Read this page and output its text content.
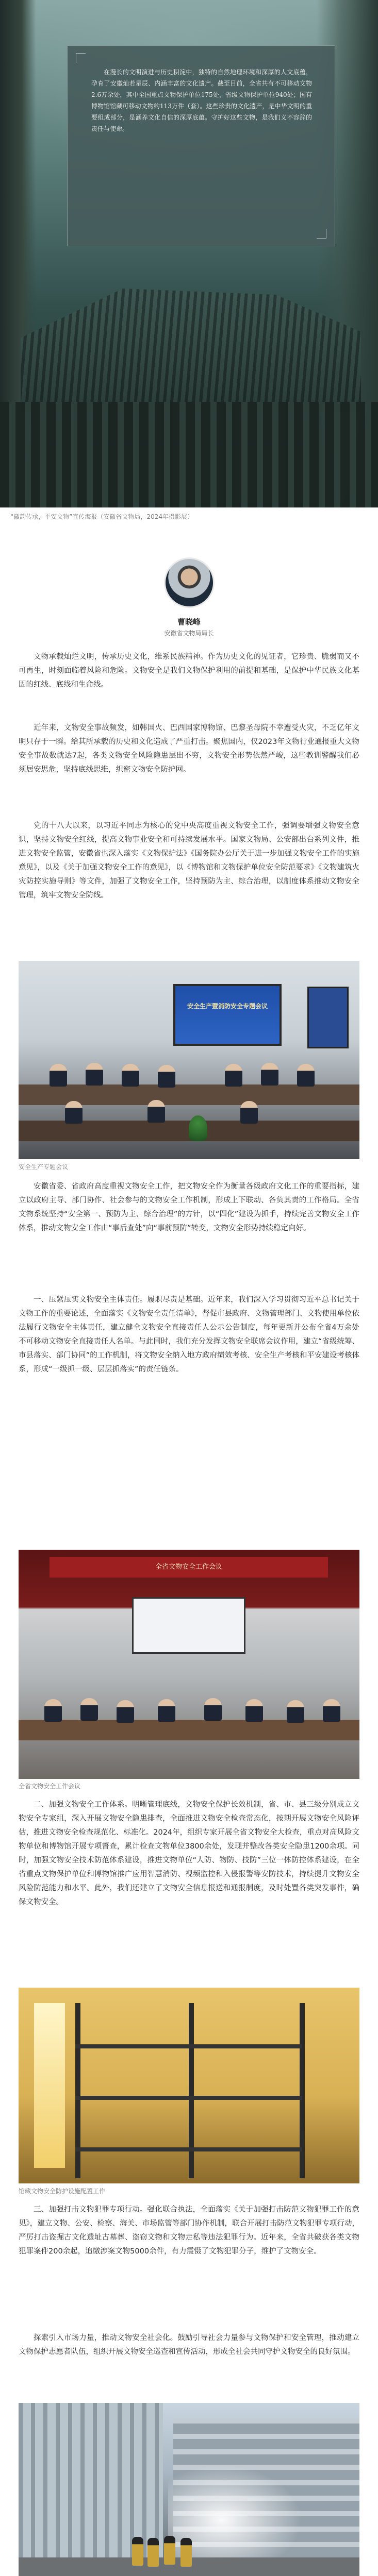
在漫长的文明演进与历史积淀中，独特的自然地理环境和深厚的人文底蕴，孕育了安徽灿若星辰、内涵丰富的文化遗产。截至目前，全省共有不可移动文物2.6万余处，其中全国重点文物保护单位175处，省级文物保护单位940处；国有博物馆馆藏可移动文物约113万件（套）。这些珍贵的文化遗产，是中华文明的重要组成部分，是涵养文化自信的深厚底蕴。守护好这些文物，是我们义不容辞的责任与使命。

“徽韵传承，平安文物”宣传海报（安徽省文物局，2024年摄影展）

曹晓峰

安徽省文物局局长

文物承载灿烂文明，传承历史文化，维系民族精神。作为历史文化的见证者，它珍贵、脆弱而又不可再生，时刻面临着风险和危险。文物安全是我们文物保护利用的前提和基础，是保护中华民族文化基因的红线、底线和生命线。

近年来，文物安全事故频发，如韩国火、巴西国家博物馆、巴黎圣母院不幸遭受火灾，不乏亿年文明只存于一瞬。给其所承载的历史和文化造成了严重打击。聚焦国内，仅2023年文物行业通报重大文物安全事故数就达7起，各类文物安全风险隐患层出不穷，文物安全形势依然严峻，这些教训警醒我们必须居安思危，坚持底线思维，织密文物安全防护网。

党的十八大以来，以习近平同志为核心的党中央高度重视文物安全工作，强调要增强文物安全意识，坚持文物安全红线，提高文物事业安全和可持续发展水平。国家文物局、公安部出台系列文件，推进文物安全监管，安徽省也深入落实《文物保护法》《国务院办公厅关于进一步加强文物安全工作的实施意见》，以及《关于加强文物安全工作的意见》，以《博物馆和文物保护单位安全防范要求》《文物建筑火灾防控实施导则》等文件，加强了文物安全工作，坚持预防为主、综合治理，以制度体系推动文物安全管理，筑牢文物安全防线。

安全生产暨消防安全专题会议

安全生产专题会议

安徽省委、省政府高度重视文物安全工作，把文物安全作为衡量各级政府文化工作的重要指标，建立以政府主导、部门协作、社会参与的文物安全工作机制，形成上下联动、各负其责的工作格局。全省文物系统坚持“安全第一、预防为主、综合治理”的方针，以“四化”建设为抓手，持续完善文物安全工作体系，推动文物安全工作由“事后查处”向“事前预防”转变，文物安全形势持续稳定向好。

一、压紧压实文物安全主体责任。履职尽责是基础。近年来，我们深入学习贯彻习近平总书记关于文物工作的重要论述，全面落实《文物安全责任清单》，督促市县政府、文物管理部门、文物使用单位依法履行文物安全主体责任，建立健全文物安全直接责任人公示公告制度，每年更新并公布全省4万余处不可移动文物安全直接责任人名单。与此同时，我们充分发挥文物安全联席会议作用，建立“省级统筹、市县落实、部门协同”的工作机制，将文物安全纳入地方政府绩效考核、安全生产考核和平安建设考核体系，形成“一级抓一级、层层抓落实”的责任链条。

全省文物安全工作会议

全省文物安全工作会议

二、加强文物安全工作体系。明晰管理底线，文物安全保护长效机制，省、市、县三级分别成立文物安全专家组，深入开展文物安全隐患排查，全面推进文物安全检查常态化，按期开展文物安全风险评估，推进文物安全检查规范化、标准化。2024年，组织专家开展全省文物安全大检查，重点对高风险文物单位和博物馆开展专项督查，累计检查文物单位3800余处，发现并整改各类安全隐患1200余项。同时，加强文物安全技术防范体系建设，推进文物单位“人防、物防、技防”三位一体防控体系建设，在全省重点文物保护单位和博物馆推广应用智慧消防、视频监控和入侵报警等安防技术，持续提升文物安全风险防范能力和水平。此外，我们还建立了文物安全信息报送和通报制度，及时处置各类突发事件，确保文物安全。

馆藏文物安全防护设施配置工作

三、加强打击文物犯罪专项行动。强化联合执法，全面落实《关于加强打击防范文物犯罪工作的意见》，建立文物、公安、检察、海关、市场监管等部门协作机制，联合开展打击防范文物犯罪专项行动，严厉打击盗掘古文化遗址古墓葬、盗窃文物和文物走私等违法犯罪行为。近年来，全省共破获各类文物犯罪案件200余起，追缴涉案文物5000余件，有力震慑了文物犯罪分子，维护了文物安全。

探索引入市场力量，推动文物安全社会化。鼓励引导社会力量参与文物保护和安全管理，推动建立文物保护志愿者队伍，组织开展文物安全巡查和宣传活动，形成全社会共同守护文物安全的良好氛围。
